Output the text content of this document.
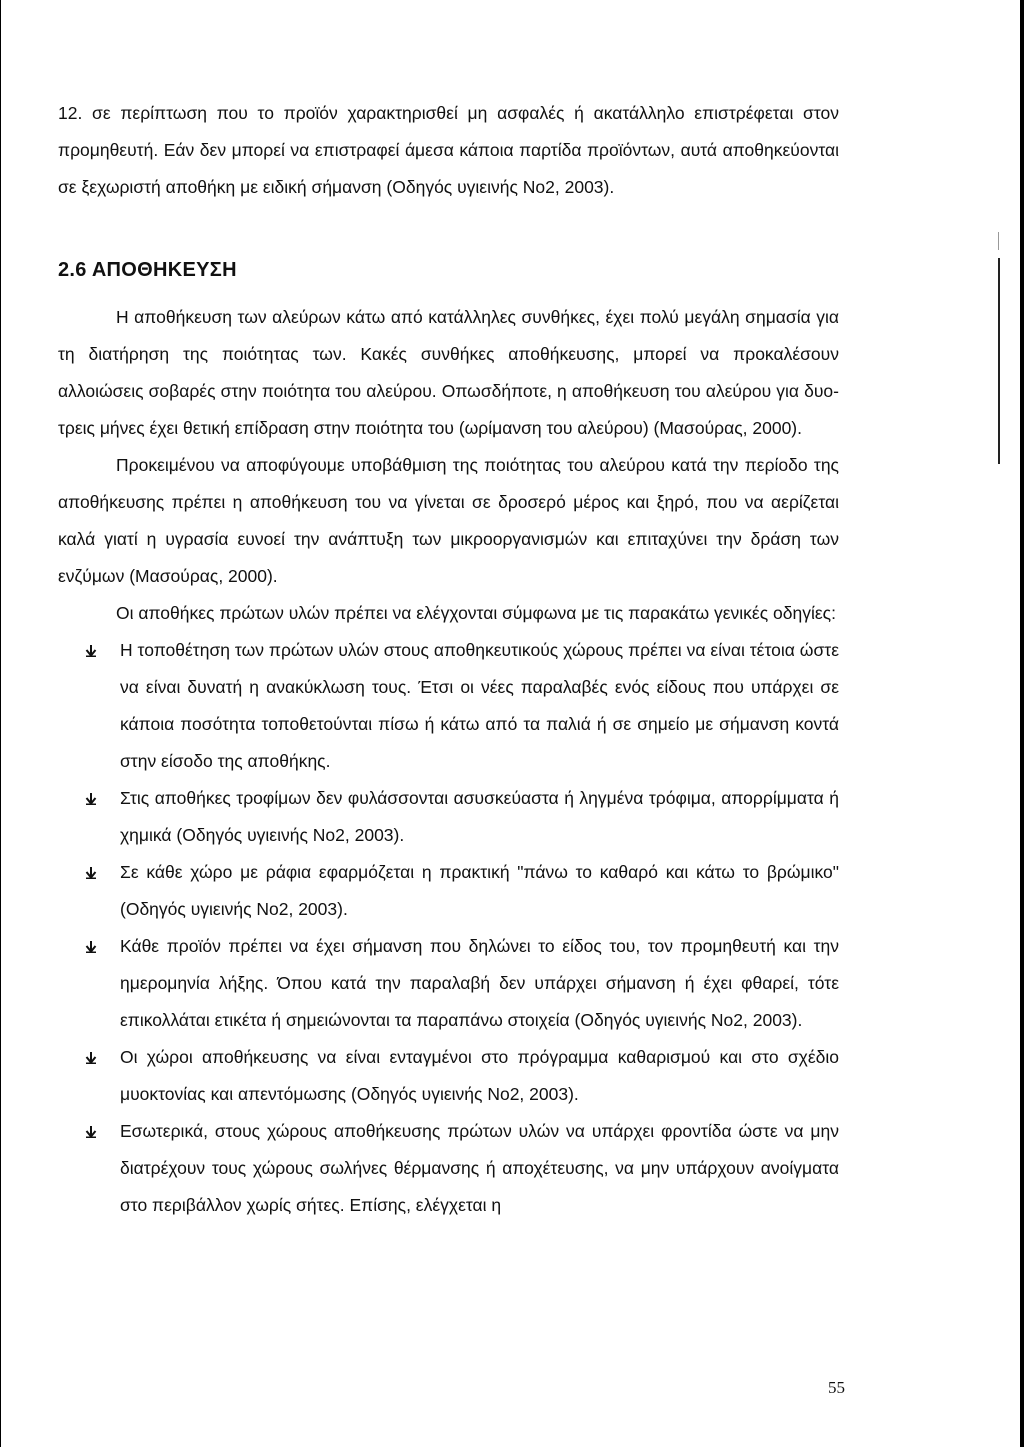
12. σε περίπτωση που το προϊόν χαρακτηρισθεί μη ασφαλές ή ακατάλληλο επιστρέφεται στον προμηθευτή. Εάν δεν μπορεί να επιστραφεί άμεσα κάποια παρτίδα προϊόντων, αυτά αποθηκεύονται σε ξεχωριστή αποθήκη με ειδική σήμανση (Οδηγός υγιεινής Νο2, 2003).

2.6 ΑΠΟΘΗΚΕΥΣΗ

Η αποθήκευση των αλεύρων κάτω από κατάλληλες συνθήκες, έχει πολύ μεγάλη σημασία για τη διατήρηση της ποιότητας των. Κακές συνθήκες αποθήκευσης, μπορεί να προκαλέσουν αλλοιώσεις σοβαρές στην ποιότητα του αλεύρου. Οπωσδήποτε, η αποθήκευση του αλεύρου για δυο-τρεις μήνες έχει θετική επίδραση στην ποιότητα του (ωρίμανση του αλεύρου) (Μασούρας, 2000).

Προκειμένου να αποφύγουμε υποβάθμιση της ποιότητας του αλεύρου κατά την περίοδο της αποθήκευσης πρέπει η αποθήκευση του να γίνεται σε δροσερό μέρος και ξηρό, που να αερίζεται καλά γιατί η υγρασία ευνοεί την ανάπτυξη των μικροοργανισμών και επιταχύνει την δράση των ενζύμων (Μασούρας, 2000).

Οι αποθήκες πρώτων υλών πρέπει να ελέγχονται σύμφωνα με τις παρακάτω γενικές οδηγίες:

Η τοποθέτηση των πρώτων υλών στους αποθηκευτικούς χώρους πρέπει να είναι τέτοια ώστε να είναι δυνατή η ανακύκλωση τους. Έτσι οι νέες παραλαβές ενός είδους που υπάρχει σε κάποια ποσότητα τοποθετούνται πίσω ή κάτω από τα παλιά ή σε σημείο με σήμανση κοντά στην είσοδο της αποθήκης.
Στις αποθήκες τροφίμων δεν φυλάσσονται ασυσκεύαστα ή ληγμένα τρόφιμα, απορρίμματα ή χημικά (Οδηγός υγιεινής Νο2, 2003).
Σε κάθε χώρο με ράφια εφαρμόζεται η πρακτική "πάνω το καθαρό και κάτω το βρώμικο"(Οδηγός υγιεινής Νο2, 2003).
Κάθε προϊόν πρέπει να έχει σήμανση που δηλώνει το είδος του, τον προμηθευτή και την ημερομηνία λήξης. Όπου κατά την παραλαβή δεν υπάρχει σήμανση ή έχει φθαρεί, τότε επικολλάται ετικέτα ή σημειώνονται τα παραπάνω στοιχεία (Οδηγός υγιεινής Νο2, 2003).
Οι χώροι αποθήκευσης να είναι ενταγμένοι στο πρόγραμμα καθαρισμού και στο σχέδιο μυοκτονίας και απεντόμωσης (Οδηγός υγιεινής Νο2, 2003).
Εσωτερικά, στους χώρους αποθήκευσης πρώτων υλών να υπάρχει φροντίδα ώστε να μην διατρέχουν τους χώρους σωλήνες θέρμανσης ή αποχέτευσης, να μην υπάρχουν ανοίγματα στο περιβάλλον χωρίς σήτες. Επίσης, ελέγχεται η
55
